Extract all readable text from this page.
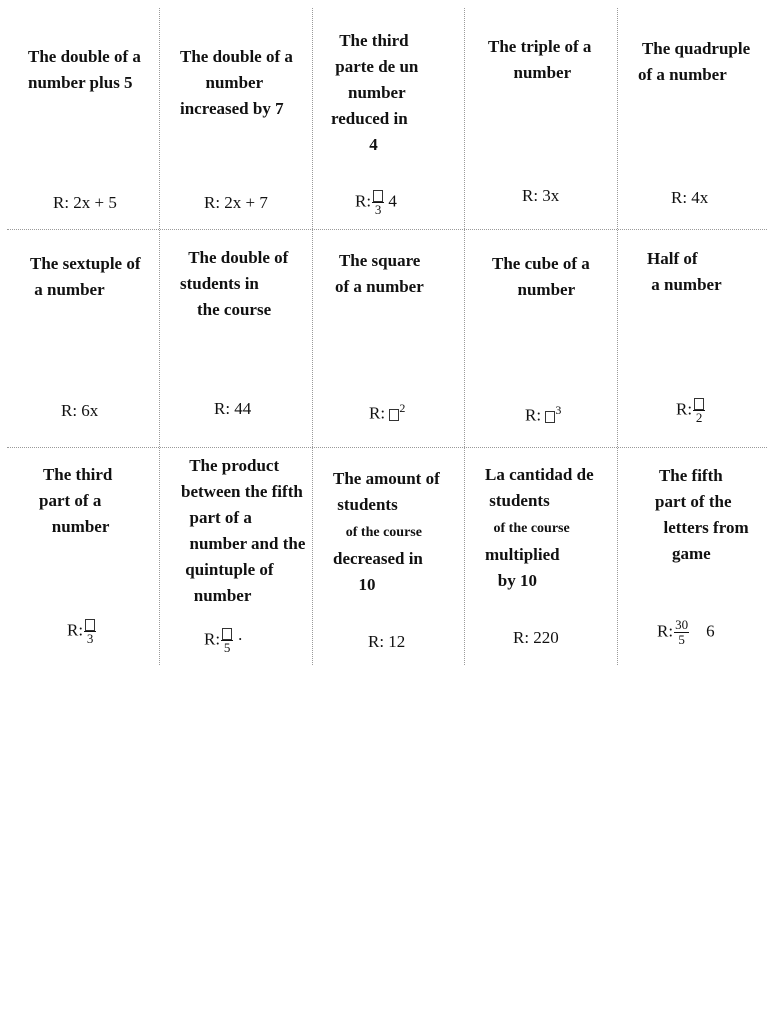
The double of a
number plus 5
R: 2x + 5
The double of a
number
increased by 7
R: 2x + 7
The third
parte de un
number
reduced in
4
R: 3 4
The triple of a
number
R: 3x
The quadruple
of a number
R: 4x
The sextuple of
a number
R: 6x
The double of
students in
the course
R: 44
The square
of a number
R: $^2$
The cube of a
number
R: $^3$
Half of
a number
R: 2
The third
part of a
number
R: 3
The product
between the fifth
part of a
number and the
quintuple of
number
R: 5 ·
The amount of
students
of the course
decreased in
10
R: 12
La cantidad de
students
of the course
multiplied
by 10
R: 220
The fifth
part of the
letters from
game
R: $\frac{30}{5} 6$
